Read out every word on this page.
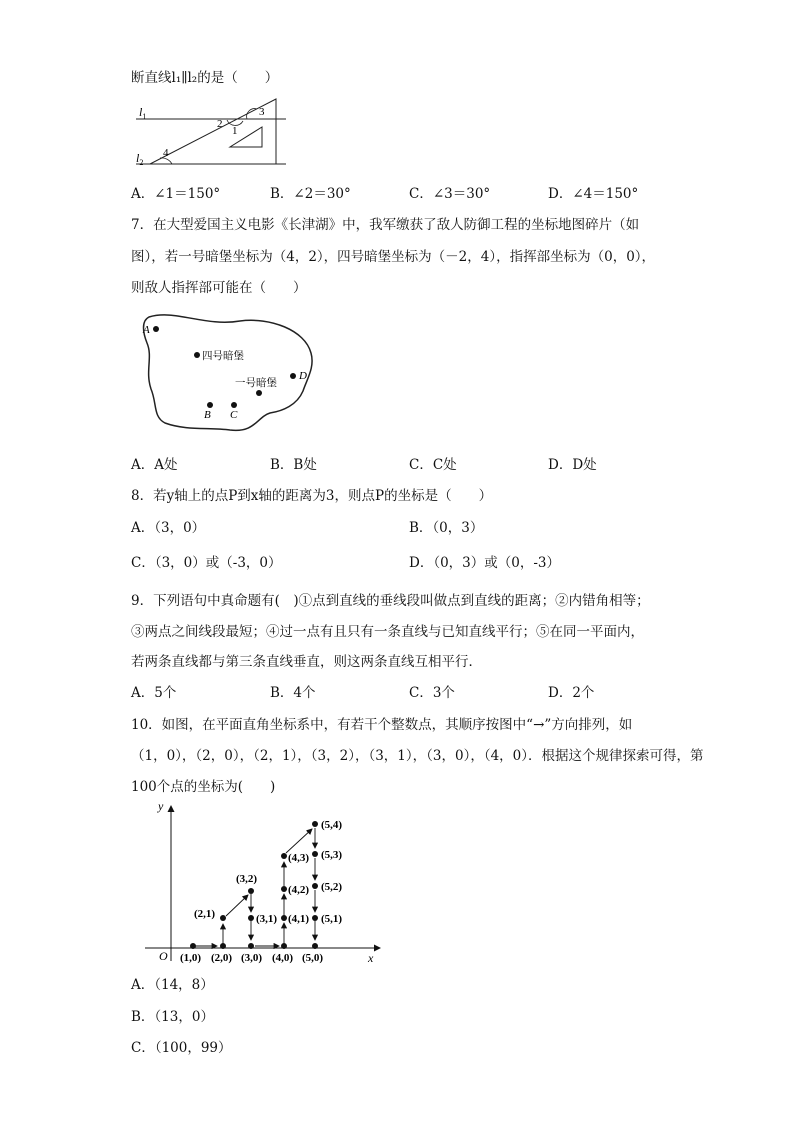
断直线l₁∥l₂的是（　　）
$l_1$
$l_2$
4
2
1
3
A．∠1＝150°	B．∠2＝30°	C．∠3＝30°	D．∠4＝150°
7．在大型爱国主义电影《长津湖》中，我军缴获了敌人防御工程的坐标地图碎片（如
图），若一号暗堡坐标为（4，2），四号暗堡坐标为（－2，4），指挥部坐标为（0，0），
则敌人指挥部可能在（　　）
A
四号暗堡
D
一号暗堡
B C
A．A处	B．B处	C．C处	D．D处
8．若y轴上的点P到x轴的距离为3，则点P的坐标是（　　）
A．（3，0）	B．（0，3）
C．（3，0）或（-3，0）	D．（0，3）或（0，-3）
9．下列语句中真命题有(　)①点到直线的垂线段叫做点到直线的距离；②内错角相等；
③两点之间线段最短；④过一点有且只有一条直线与已知直线平行；⑤在同一平面内，
若两条直线都与第三条直线垂直，则这两条直线互相平行．
A．5个	B．4个	C．3个	D．2个
10．如图，在平面直角坐标系中，有若干个整数点，其顺序按图中“→”方向排列，如
（1，0），（2，0），（2，1），（3，2），（3，1），（3，0），（4，0）．根据这个规律探索可得，第
100个点的坐标为(　　)
y
x
O (1,0) (2,0) (3,0) (4,0) (5,0)
(2,1)
(3,2)
(3,1) (4,1)
(4,2)
(4,3)
(5,4)
(5,3)
(5,2)
(5,1)
A．（14，8）
B．（13，0）
C．（100，99）
